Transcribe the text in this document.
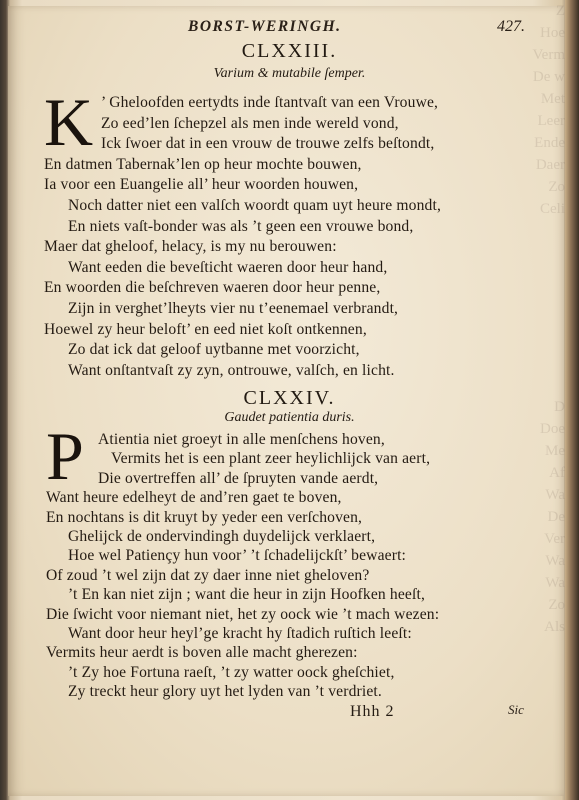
Z
Hoe
Verm
De w
Met
Leer
Ende
Daer
Zo
Celi

D
Doe
Me
Af
Wa
De
Ver
Wa
Wa
Zo
Als
BORST-WERINGH.	427.
CLXXIII.
Varium & mutabile ſemper.
K ’ Gheloofden eertydts inde ſtantvaſt van een Vrouwe,
Zo eed’len ſchepzel als men inde wereld vond,
Ick ſwoer dat in een vrouw de trouwe zelfs beſtondt,
En datmen Tabernak’len op heur mochte bouwen,
Ia voor een Euangelie all’ heur woorden houwen,
Noch datter niet een valſch woordt quam uyt heure mondt,
En niets vaſt-bonder was als ’t geen een vrouwe bond,
Maer dat gheloof, helacy, is my nu berouwen:
Want eeden die beveſticht waeren door heur hand,
En woorden die beſchreven waeren door heur penne,
Zijn in verghet’lheyts vier nu t’eenemael verbrandt,
Hoewel zy heur beloft’ en eed niet koſt ontkennen,
Zo dat ick dat geloof uytbanne met voorzicht,
Want onſtantvaſt zy zyn, ontrouwe, valſch, en licht.
CLXXIV.
Gaudet patientia duris.
P Atientia niet groeyt in alle menſchens hoven,
Vermits het is een plant zeer heylichlijck van aert,
Die overtreffen all’ de ſpruyten vande aerdt,
Want heure edelheyt de and’ren gaet te boven,
En nochtans is dit kruyt by yeder een verſchoven,
Ghelijck de ondervindingh duydelijck verklaert,
Hoe wel Patiençy hun voor’ ’t ſchadelijckſt’ bewaert:
Of zoud ’t wel zijn dat zy daer inne niet gheloven?
’t En kan niet zijn ; want die heur in zijn Hoofken heeſt,
Die ſwicht voor niemant niet, het zy oock wie ’t mach wezen:
Want door heur heyl’ge kracht hy ſtadich ruſtich leeſt:
Vermits heur aerdt is boven alle macht gherezen:
’t Zy hoe Fortuna raeſt, ’t zy watter oock gheſchiet,
Zy treckt heur glory uyt het lyden van ’t verdriet.
Hhh 2	Sic
